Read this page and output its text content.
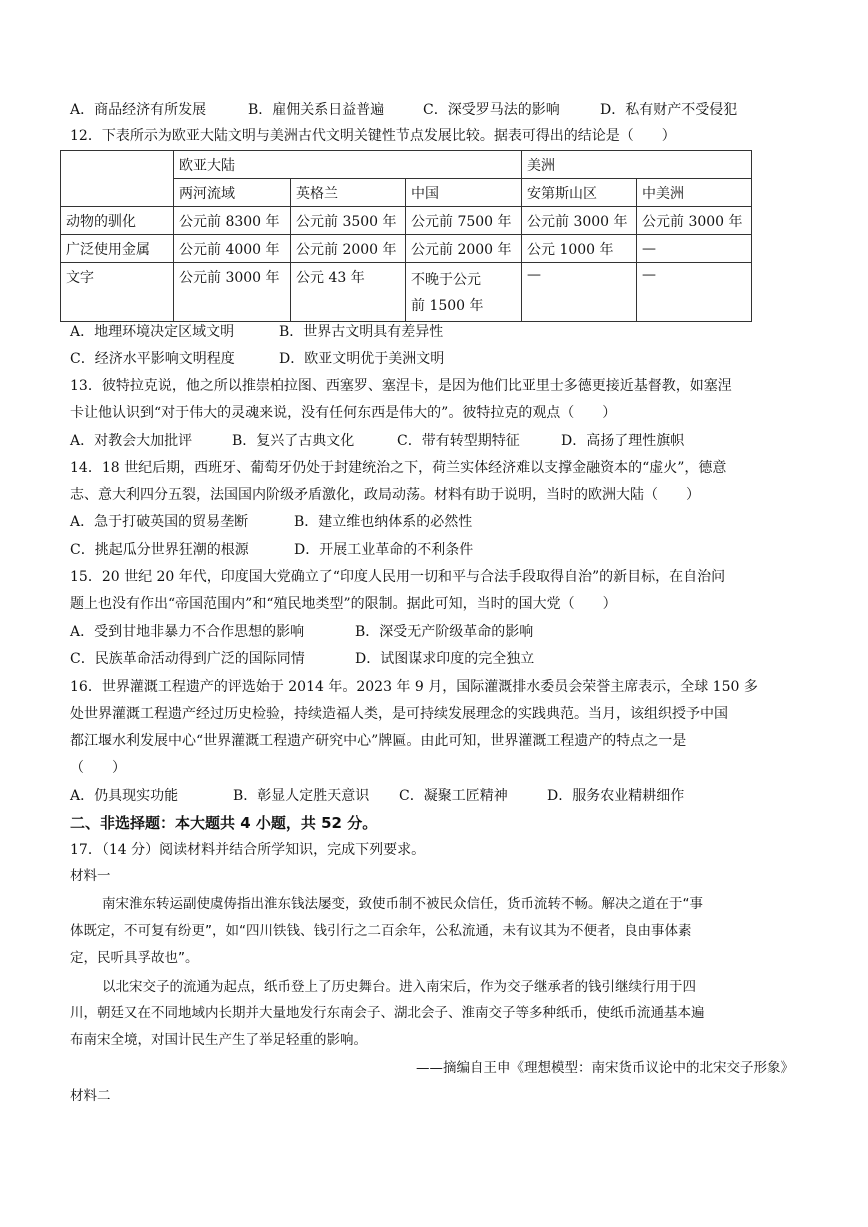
A．商品经济有所发展	B．雇佣关系日益普遍	C．深受罗马法的影响	D．私有财产不受侵犯
12．下表所示为欧亚大陆文明与美洲古代文明关键性节点发展比较。据表可得出的结论是（　　）
	欧亚大陆			美洲	
	两河流域	英格兰	中国	安第斯山区	中美洲
动物的驯化	公元前 8300 年	公元前 3500 年	公元前 7500 年	公元前 3000 年	公元前 3000 年
广泛使用金属	公元前 4000 年	公元前 2000 年	公元前 2000 年	公元 1000 年	—
文字	公元前 3000 年	公元 43 年	不晚于公元
前 1500 年	—	—
A．地理环境决定区域文明	B．世界古文明具有差异性
C．经济水平影响文明程度	D．欧亚文明优于美洲文明
13．彼特拉克说，他之所以推崇柏拉图、西塞罗、塞涅卡，是因为他们比亚里士多德更接近基督教，如塞涅
卡让他认识到“对于伟大的灵魂来说，没有任何东西是伟大的”。彼特拉克的观点（　　）
A．对教会大加批评	B．复兴了古典文化	C．带有转型期特征	D．高扬了理性旗帜
14．18 世纪后期，西班牙、葡萄牙仍处于封建统治之下，荷兰实体经济难以支撑金融资本的“虚火”，德意
志、意大利四分五裂，法国国内阶级矛盾激化，政局动荡。材料有助于说明，当时的欧洲大陆（　　）
A．急于打破英国的贸易垄断	B．建立维也纳体系的必然性
C．挑起瓜分世界狂潮的根源	D．开展工业革命的不利条件
15．20 世纪 20 年代，印度国大党确立了“印度人民用一切和平与合法手段取得自治”的新目标，在自治问
题上也没有作出“帝国范围内”和“殖民地类型”的限制。据此可知，当时的国大党（　　）
A．受到甘地非暴力不合作思想的影响	B．深受无产阶级革命的影响
C．民族革命活动得到广泛的国际同情	D．试图谋求印度的完全独立
16．世界灌溉工程遗产的评选始于 2014 年。2023 年 9 月，国际灌溉排水委员会荣誉主席表示，全球 150 多
处世界灌溉工程遗产经过历史检验，持续造福人类，是可持续发展理念的实践典范。当月，该组织授予中国
都江堰水利发展中心“世界灌溉工程遗产研究中心”牌匾。由此可知，世界灌溉工程遗产的特点之一是
（　　）
A．仍具现实功能	B．彰显人定胜天意识 C．凝聚工匠精神	D．服务农业精耕细作
二、非选择题：本大题共 4 小题，共 52 分。
17．（14 分）阅读材料并结合所学知识，完成下列要求。
材料一
南宋淮东转运副使虞俦指出淮东钱法屡变，致使币制不被民众信任，货币流转不畅。解决之道在于“事
体既定，不可复有纷更”，如“四川铁钱、钱引行之二百余年，公私流通，未有议其为不便者，良由事体素
定，民听具孚故也”。
以北宋交子的流通为起点，纸币登上了历史舞台。进入南宋后，作为交子继承者的钱引继续行用于四
川，朝廷又在不同地域内长期并大量地发行东南会子、湖北会子、淮南交子等多种纸币，使纸币流通基本遍
布南宋全境，对国计民生产生了举足轻重的影响。
——摘编自王申《理想模型：南宋货币议论中的北宋交子形象》
材料二
